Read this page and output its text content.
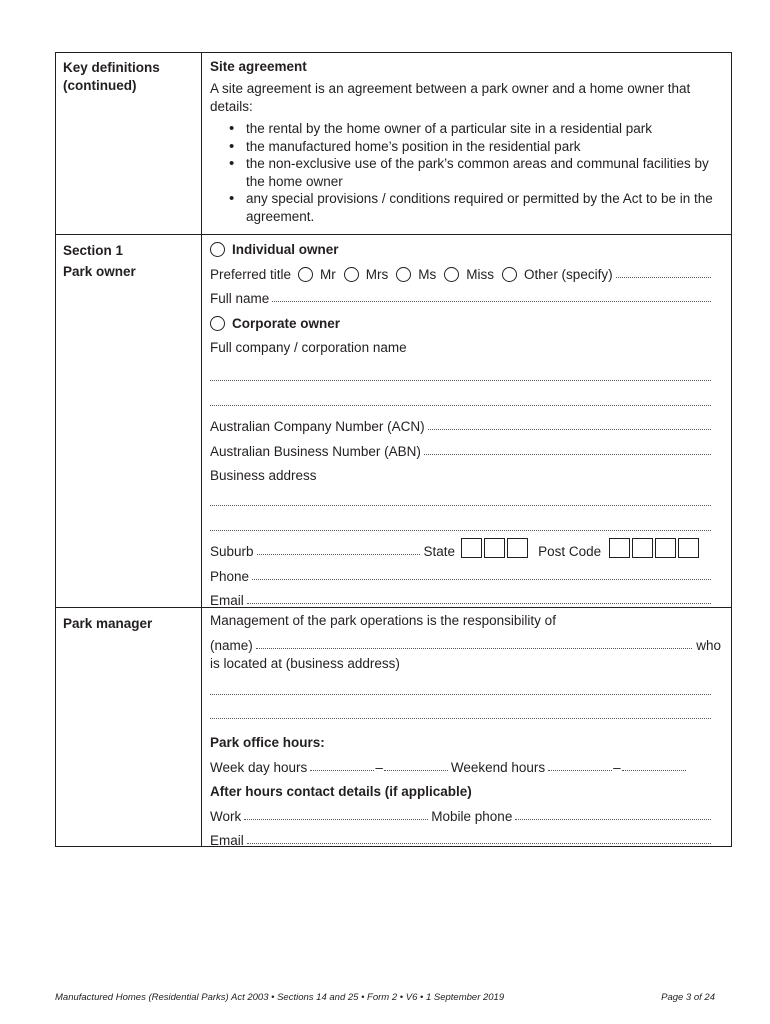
Key definitions (continued)
Site agreement
A site agreement is an agreement between a park owner and a home owner that details:
• the rental by the home owner of a particular site in a residential park
• the manufactured home’s position in the residential park
• the non-exclusive use of the park’s common areas and communal facilities by the home owner
• any special provisions / conditions required or permitted by the Act to be in the agreement.
Section 1
Park owner
Individual owner
Preferred title Mr Mrs Ms Miss Other (specify)
Full name
Corporate owner
Full company / corporation name
Australian Company Number (ACN)
Australian Business Number (ABN)
Business address
Suburb	State	Post Code
Phone
Email
Park manager	Management of the park operations is the responsibility of
(name)	who
is located at (business address)
Park office hours:
Week day hours	–	Weekend hours	–
After hours contact details (if applicable)
Work	Mobile phone
Email
Manufactured Homes (Residential Parks) Act 2003 • Sections 14 and 25 • Form 2 • V6 • 1 September 2019	Page 3 of 24
